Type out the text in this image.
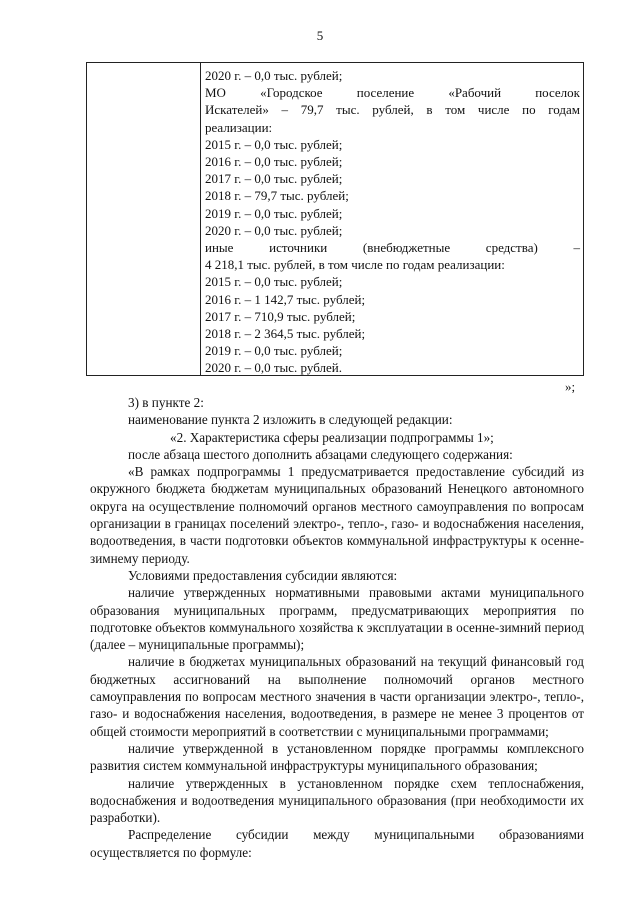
5
2020 г. – 0,0 тыс. рублей;
МО «Городское поселение «Рабочий поселок
Искателей» – 79,7 тыс. рублей, в том числе по годам
реализации:
2015 г. – 0,0 тыс. рублей;
2016 г. – 0,0 тыс. рублей;
2017 г. – 0,0 тыс. рублей;
2018 г. – 79,7 тыс. рублей;
2019 г. – 0,0 тыс. рублей;
2020 г. – 0,0 тыс. рублей;
иные источники (внебюджетные средства) –
4 218,1 тыс. рублей, в том числе по годам реализации:
2015 г. – 0,0 тыс. рублей;
2016 г. – 1 142,7 тыс. рублей;
2017 г. – 710,9 тыс. рублей;
2018 г. – 2 364,5 тыс. рублей;
2019 г. – 0,0 тыс. рублей;
2020 г. – 0,0 тыс. рублей.
»;

3) в пункте 2:

наименование пункта 2 изложить в следующей редакции:

«2. Характеристика сферы реализации подпрограммы 1»;

после абзаца шестого дополнить абзацами следующего содержания:

«В рамках подпрограммы 1 предусматривается предоставление субсидий из окружного бюджета бюджетам муниципальных образований Ненецкого автономного округа на осуществление полномочий органов местного самоуправления по вопросам организации в границах поселений электро-, тепло-, газо- и водоснабжения населения, водоотведения, в части подготовки объектов коммунальной инфраструктуры к осенне-зимнему периоду.

Условиями предоставления субсидии являются:

наличие утвержденных нормативными правовыми актами муниципального образования муниципальных программ, предусматривающих мероприятия по подготовке объектов коммунального хозяйства к эксплуатации в осенне-зимний период (далее – муниципальные программы);

наличие в бюджетах муниципальных образований на текущий финансовый год бюджетных ассигнований на выполнение полномочий органов местного самоуправления по вопросам местного значения в части организации электро-, тепло-, газо- и водоснабжения населения, водоотведения, в размере не менее 3 процентов от общей стоимости мероприятий в соответствии с муниципальными программами;

наличие утвержденной в установленном порядке программы комплексного развития систем коммунальной инфраструктуры муниципального образования;

наличие утвержденных в установленном порядке схем теплоснабжения, водоснабжения и водоотведения муниципального образования (при необходимости их разработки).

Распределение субсидии между муниципальными образованиями осуществляется по формуле:
